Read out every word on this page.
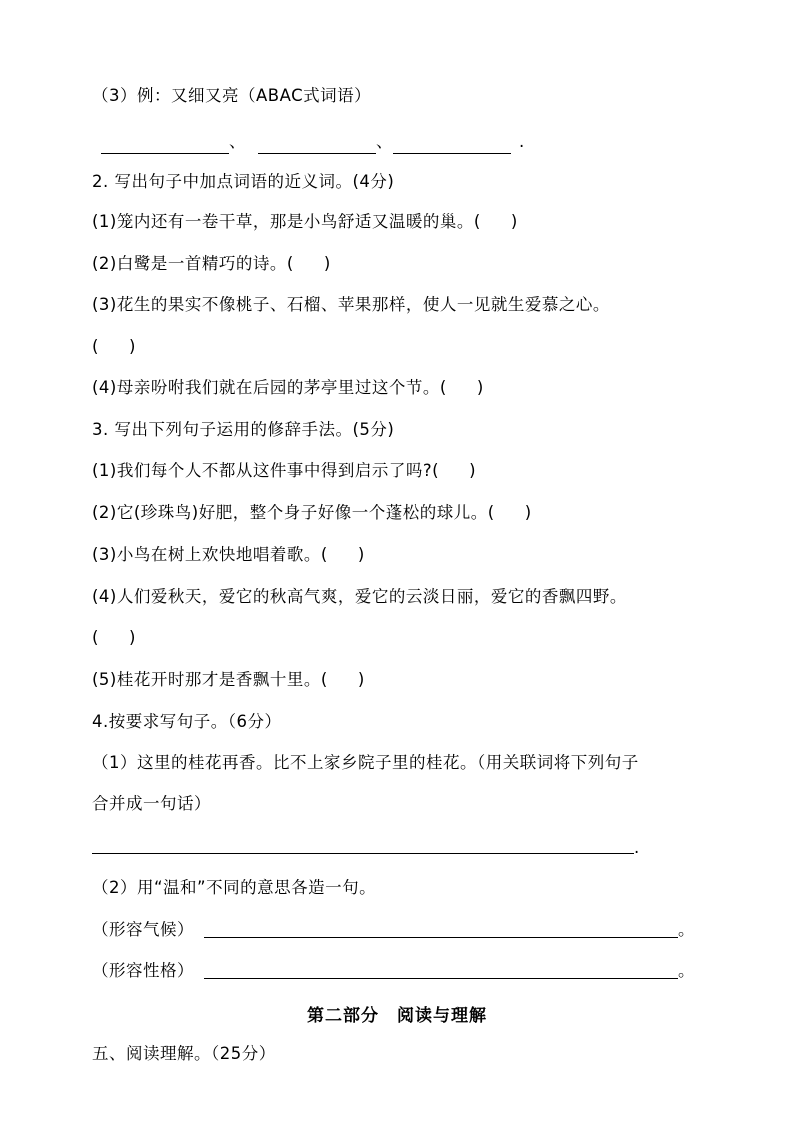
（3）例：又细又亮（ABAC式词语）
、	、	.
2. 写出句子中加点词语的近义词。(4分)
(1)笼内还有一卷干草，那是小鸟舒适又温暖的巢。( )
(2)白鹭是一首精巧的诗。( )
(3)花生的果实不像桃子、石榴、苹果那样，使人一见就生爱慕之心。
( )
(4)母亲吩咐我们就在后园的茅亭里过这个节。( )
3. 写出下列句子运用的修辞手法。(5分)
(1)我们每个人不都从这件事中得到启示了吗?( )
(2)它(珍珠鸟)好肥，整个身子好像一个蓬松的球儿。( )
(3)小鸟在树上欢快地唱着歌。( )
(4)人们爱秋天，爱它的秋高气爽，爱它的云淡日丽，爱它的香飘四野。
( )
(5)桂花开时那才是香飘十里。( )
4.按要求写句子。（6分）
（1）这里的桂花再香。比不上家乡院子里的桂花。（用关联词将下列句子
合并成一句话）
.
（2）用“温和”不同的意思各造一句。
（形容气候）	。
（形容性格）	。
第二部分　阅读与理解
五、阅读理解。（25分）
